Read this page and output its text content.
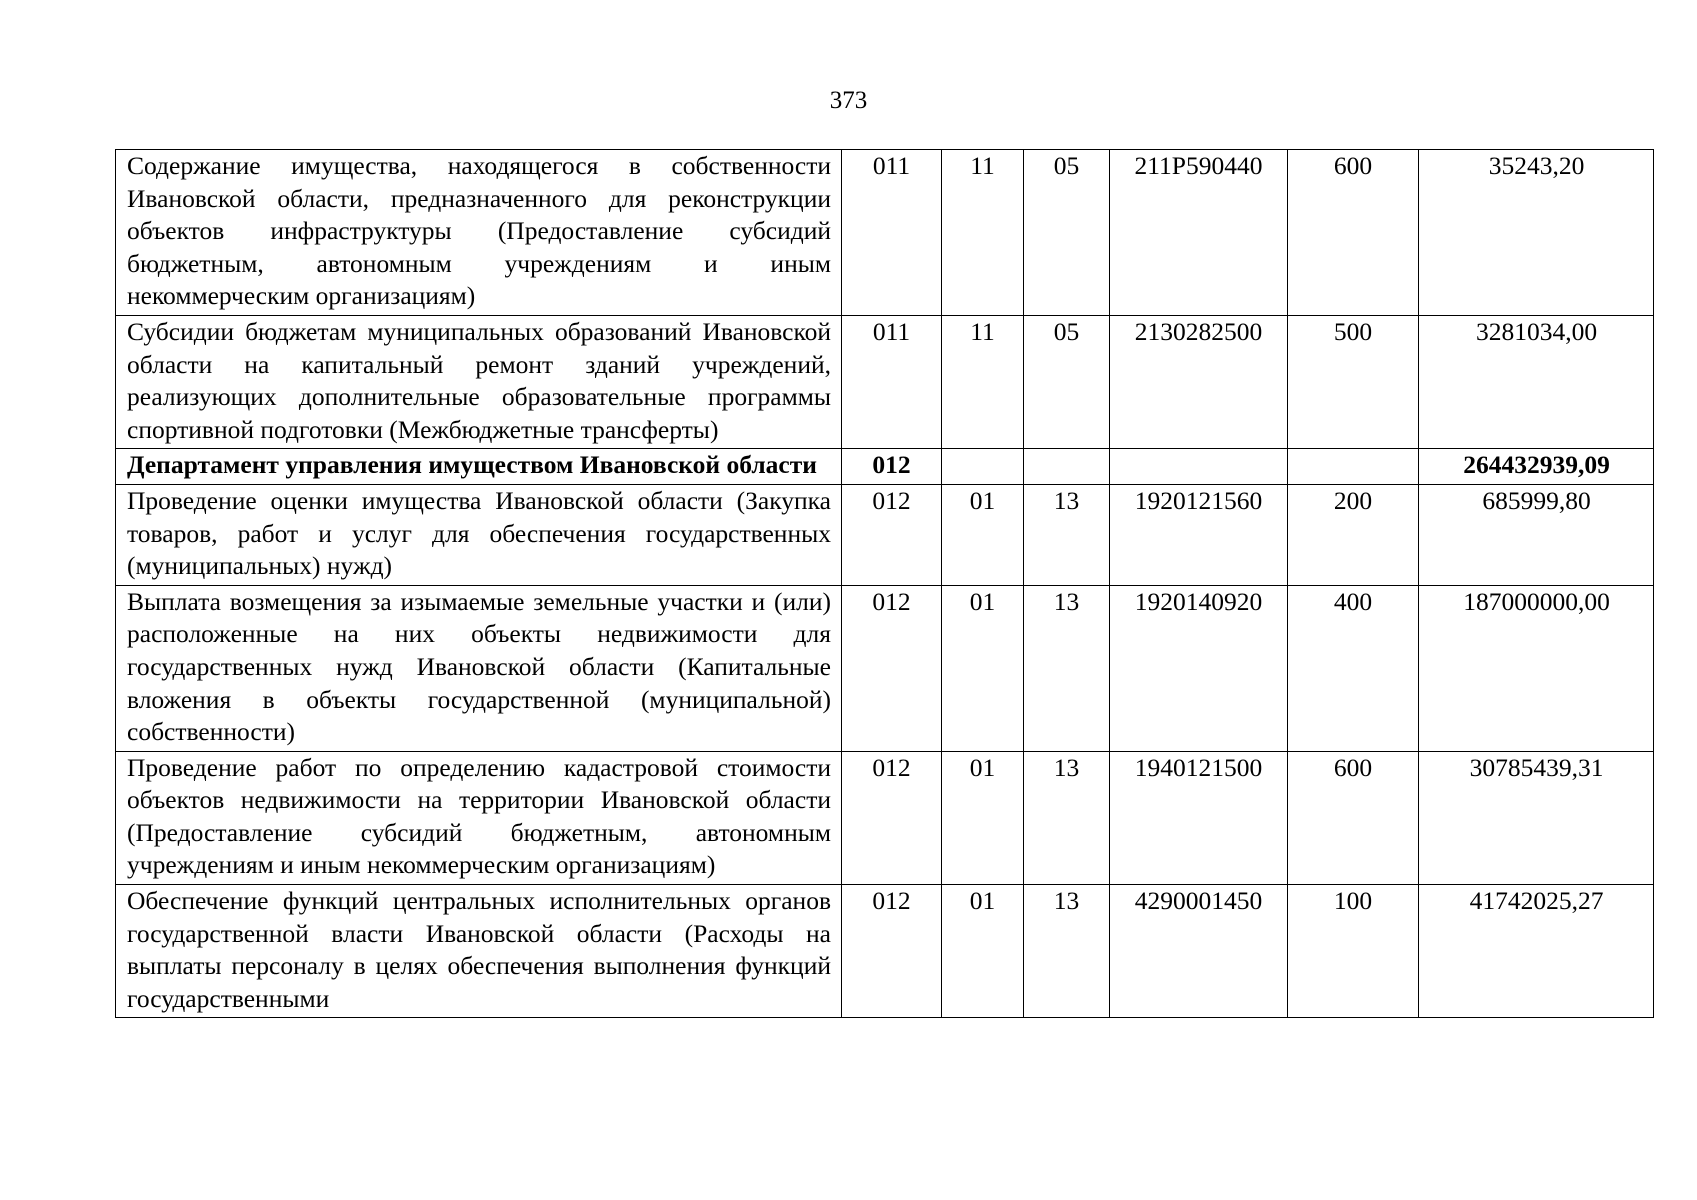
373
Содержание имущества, находящегося в собственности Ивановской области, предназначенного для реконструкции объектов инфраструктуры (Предоставление субсидий бюджетным, автономным учреждениям и иным некоммерческим организациям)	011	11	05	211P590440	600	35243,20
Субсидии бюджетам муниципальных образований Ивановской области на капитальный ремонт зданий учреждений, реализующих дополнительные образовательные программы спортивной подготовки (Межбюджетные трансферты)	011	11	05	2130282500	500	3281034,00
Департамент управления имуществом Ивановской области	012					264432939,09
Проведение оценки имущества Ивановской области (Закупка товаров, работ и услуг для обеспечения государственных (муниципальных) нужд)	012	01	13	1920121560	200	685999,80
Выплата возмещения за изымаемые земельные участки и (или) расположенные на них объекты недвижимости для государственных нужд Ивановской области (Капитальные вложения в объекты государственной (муниципальной) собственности)	012	01	13	1920140920	400	187000000,00
Проведение работ по определению кадастровой стоимости объектов недвижимости на территории Ивановской области (Предоставление субсидий бюджетным, автономным учреждениям и иным некоммерческим организациям)	012	01	13	1940121500	600	30785439,31
Обеспечение функций центральных исполнительных органов государственной власти Ивановской области (Расходы на выплаты персоналу в целях обеспечения выполнения функций государственными	012	01	13	4290001450	100	41742025,27
